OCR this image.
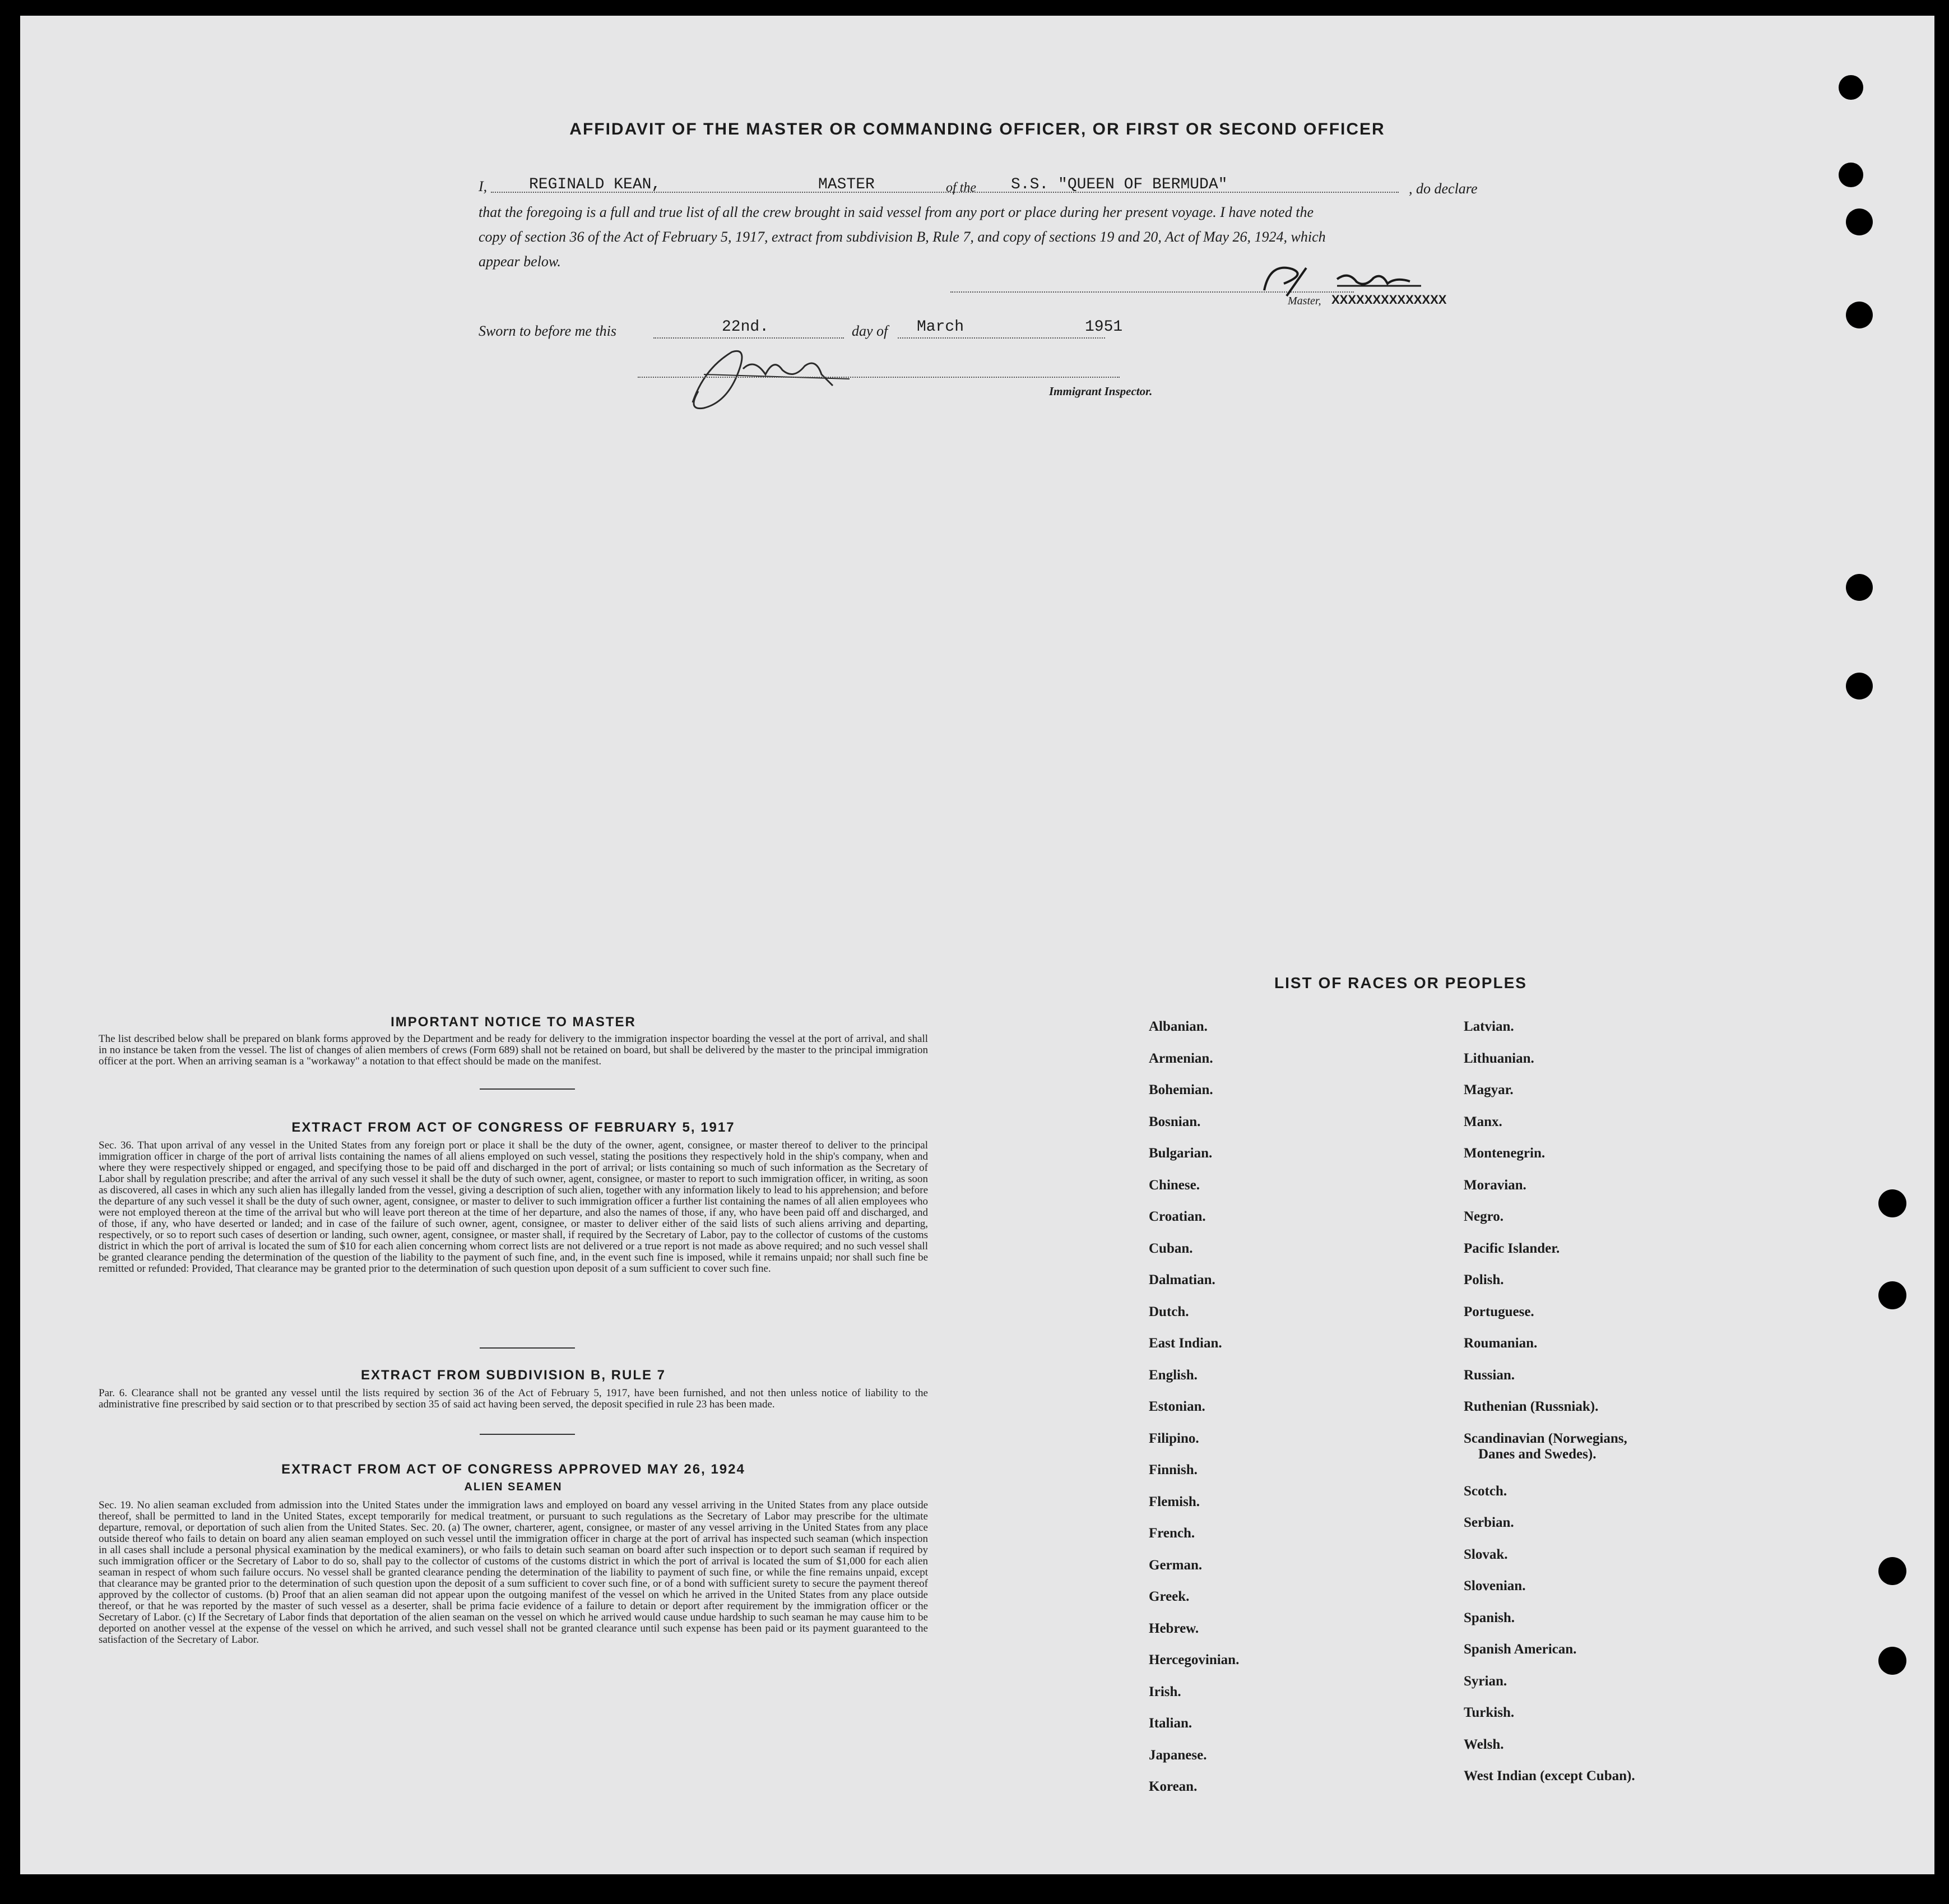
AFFIDAVIT OF THE MASTER OR COMMANDING OFFICER, OR FIRST OR SECOND OFFICER
I,	REGINALD KEAN,	MASTER	of the S.S. "QUEEN OF BERMUDA"	, do declare
that the foregoing is a full and true list of all the crew brought in said vessel from any port or place during her present voyage. I have noted the
copy of section 36 of the Act of February 5, 1917, extract from subdivision B, Rule 7, and copy of sections 19 and 20, Act of May 26, 1924, which
appear below.
Master, XXXXXXXXXXXXXX
Sworn to before me this	22nd.	day of March	1951
Immigrant Inspector.
IMPORTANT NOTICE TO MASTER
The list described below shall be prepared on blank forms approved by the Department and be ready for delivery to the immigration inspector boarding the vessel at the port of arrival, and shall in no instance be taken from the vessel. The list of changes of alien members of crews (Form 689) shall not be retained on board, but shall be delivered by the master to the principal immigration officer at the port. When an arriving seaman is a "workaway" a notation to that effect should be made on the manifest.
EXTRACT FROM ACT OF CONGRESS OF FEBRUARY 5, 1917
Sec. 36. That upon arrival of any vessel in the United States from any foreign port or place it shall be the duty of the owner, agent, consignee, or master thereof to deliver to the principal immigration officer in charge of the port of arrival lists containing the names of all aliens employed on such vessel, stating the positions they respectively hold in the ship's company, when and where they were respectively shipped or engaged, and specifying those to be paid off and discharged in the port of arrival; or lists containing so much of such information as the Secretary of Labor shall by regulation prescribe; and after the arrival of any such vessel it shall be the duty of such owner, agent, consignee, or master to report to such immigration officer, in writing, as soon as discovered, all cases in which any such alien has illegally landed from the vessel, giving a description of such alien, together with any information likely to lead to his apprehension; and before the departure of any such vessel it shall be the duty of such owner, agent, consignee, or master to deliver to such immigration officer a further list containing the names of all alien employees who were not employed thereon at the time of the arrival but who will leave port thereon at the time of her departure, and also the names of those, if any, who have been paid off and discharged, and of those, if any, who have deserted or landed; and in case of the failure of such owner, agent, consignee, or master to deliver either of the said lists of such aliens arriving and departing, respectively, or so to report such cases of desertion or landing, such owner, agent, consignee, or master shall, if required by the Secretary of Labor, pay to the collector of customs of the customs district in which the port of arrival is located the sum of $10 for each alien concerning whom correct lists are not delivered or a true report is not made as above required; and no such vessel shall be granted clearance pending the determination of the question of the liability to the payment of such fine, and, in the event such fine is imposed, while it remains unpaid; nor shall such fine be remitted or refunded: Provided, That clearance may be granted prior to the determination of such question upon deposit of a sum sufficient to cover such fine.
EXTRACT FROM SUBDIVISION B, RULE 7
Par. 6. Clearance shall not be granted any vessel until the lists required by section 36 of the Act of February 5, 1917, have been furnished, and not then unless notice of liability to the administrative fine prescribed by said section or to that prescribed by section 35 of said act having been served, the deposit specified in rule 23 has been made.
EXTRACT FROM ACT OF CONGRESS APPROVED MAY 26, 1924
ALIEN SEAMEN
Sec. 19. No alien seaman excluded from admission into the United States under the immigration laws and employed on board any vessel arriving in the United States from any place outside thereof, shall be permitted to land in the United States, except temporarily for medical treatment, or pursuant to such regulations as the Secretary of Labor may prescribe for the ultimate departure, removal, or deportation of such alien from the United States. Sec. 20. (a) The owner, charterer, agent, consignee, or master of any vessel arriving in the United States from any place outside thereof who fails to detain on board any alien seaman employed on such vessel until the immigration officer in charge at the port of arrival has inspected such seaman (which inspection in all cases shall include a personal physical examination by the medical examiners), or who fails to detain such seaman on board after such inspection or to deport such seaman if required by such immigration officer or the Secretary of Labor to do so, shall pay to the collector of customs of the customs district in which the port of arrival is located the sum of $1,000 for each alien seaman in respect of whom such failure occurs. No vessel shall be granted clearance pending the determination of the liability to payment of such fine, or while the fine remains unpaid, except that clearance may be granted prior to the determination of such question upon the deposit of a sum sufficient to cover such fine, or of a bond with sufficient surety to secure the payment thereof approved by the collector of customs. (b) Proof that an alien seaman did not appear upon the outgoing manifest of the vessel on which he arrived in the United States from any place outside thereof, or that he was reported by the master of such vessel as a deserter, shall be prima facie evidence of a failure to detain or deport after requirement by the immigration officer or the Secretary of Labor. (c) If the Secretary of Labor finds that deportation of the alien seaman on the vessel on which he arrived would cause undue hardship to such seaman he may cause him to be deported on another vessel at the expense of the vessel on which he arrived, and such vessel shall not be granted clearance until such expense has been paid or its payment guaranteed to the satisfaction of the Secretary of Labor.
LIST OF RACES OR PEOPLES
Albanian.
Armenian.
Bohemian.
Bosnian.
Bulgarian.
Chinese.
Croatian.
Cuban.
Dalmatian.
Dutch.
East Indian.
English.
Estonian.
Filipino.
Finnish.
Flemish.
French.
German.
Greek.
Hebrew.
Hercegovinian.
Irish.
Italian.
Japanese.
Korean.
Latvian.
Lithuanian.
Magyar.
Manx.
Montenegrin.
Moravian.
Negro.
Pacific Islander.
Polish.
Portuguese.
Roumanian.
Russian.
Ruthenian (Russniak).
Scandinavian (Norwegians,
Danes and Swedes).
Scotch.
Serbian.
Slovak.
Slovenian.
Spanish.
Spanish American.
Syrian.
Turkish.
Welsh.
West Indian (except Cuban).
